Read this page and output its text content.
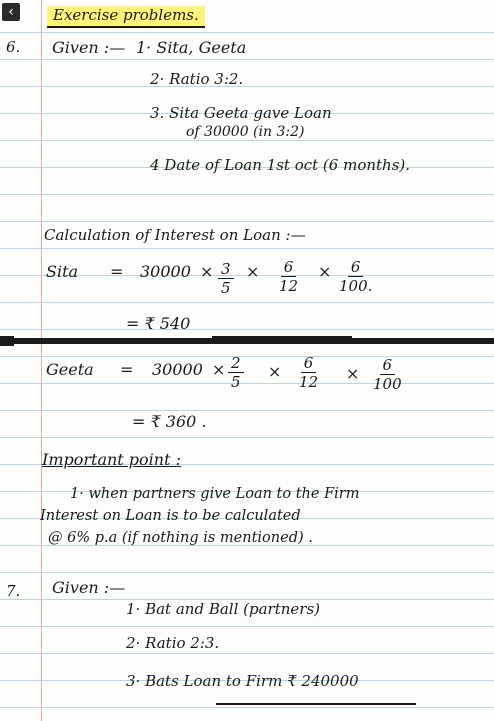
‹	Exercise problems.
6. Given :— 1· Sita, Geeta
2· Ratio 3:2.
3. Sita Geeta gave Loan
of 30000 (in 3:2)
4 Date of Loan 1st oct (6 months).
Calculation of Interest on Loan :—
Sita = $30000 \times \frac{3}{5} \times \frac{6}{12} \times \frac{6}{100.}$
= ₹ 540
Geeta = $30000 \times \frac{2}{5} \times \frac{6}{12} \times \frac{6}{100}$
= ₹ 360 .
Important point :
1· when partners give Loan to the Firm
Interest on Loan is to be calculated
@ 6% p.a (if nothing is mentioned) .
7. Given :—
1· Bat and Ball (partners)
2· Ratio 2:3.
3· Bats Loan to Firm ₹ 240000
